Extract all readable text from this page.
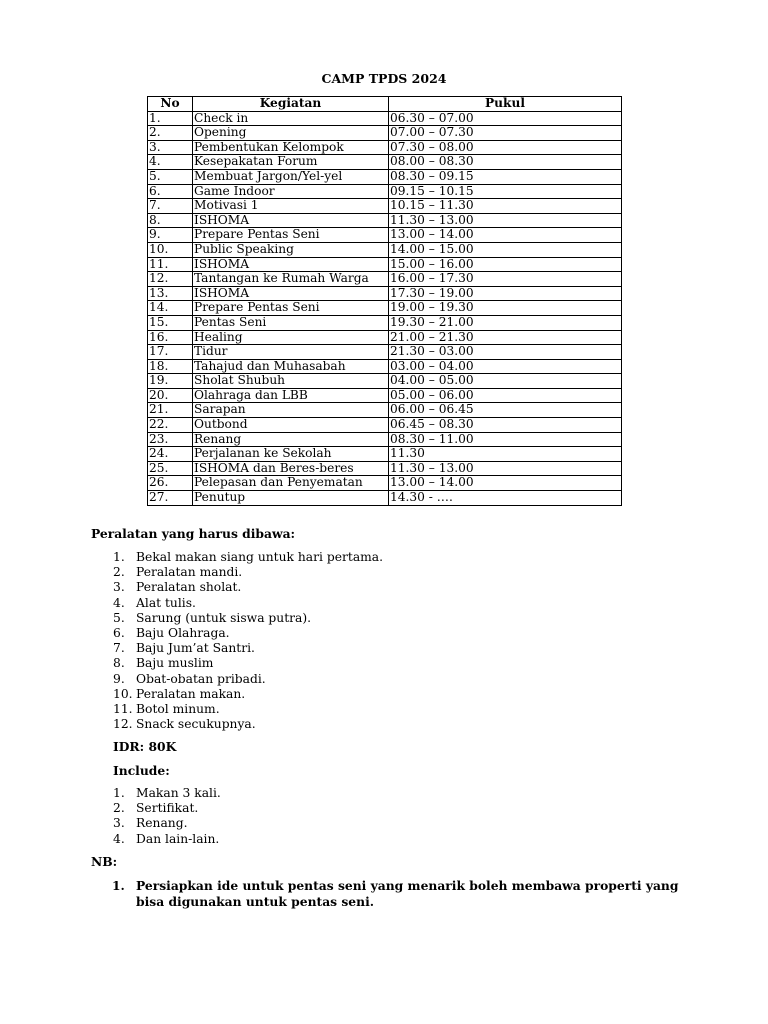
CAMP TPDS 2024
No	Kegiatan	Pukul
1.	Check in	06.30 – 07.00
2.	Opening	07.00 – 07.30
3.	Pembentukan Kelompok	07.30 – 08.00
4.	Kesepakatan Forum	08.00 – 08.30
5.	Membuat Jargon/Yel-yel	08.30 – 09.15
6.	Game Indoor	09.15 – 10.15
7.	Motivasi 1	10.15 – 11.30
8.	ISHOMA	11.30 – 13.00
9.	Prepare Pentas Seni	13.00 – 14.00
10.	Public Speaking	14.00 – 15.00
11.	ISHOMA	15.00 – 16.00
12.	Tantangan ke Rumah Warga	16.00 – 17.30
13.	ISHOMA	17.30 – 19.00
14.	Prepare Pentas Seni	19.00 – 19.30
15.	Pentas Seni	19.30 – 21.00
16.	Healing	21.00 – 21.30
17.	Tidur	21.30 – 03.00
18.	Tahajud dan Muhasabah	03.00 – 04.00
19.	Sholat Shubuh	04.00 – 05.00
20.	Olahraga dan LBB	05.00 – 06.00
21.	Sarapan	06.00 – 06.45
22.	Outbond	06.45 – 08.30
23.	Renang	08.30 – 11.00
24.	Perjalanan ke Sekolah	11.30
25.	ISHOMA dan Beres-beres	11.30 – 13.00
26.	Pelepasan dan Penyematan	13.00 – 14.00
27.	Penutup	14.30 - ….

Peralatan yang harus dibawa:

1. Bekal makan siang untuk hari pertama.
2. Peralatan mandi.
3. Peralatan sholat.
4. Alat tulis.
5. Sarung (untuk siswa putra).
6. Baju Olahraga.
7. Baju Jum’at Santri.
8. Baju muslim
9. Obat-obatan pribadi.
10. Peralatan makan.
11. Botol minum.
12. Snack secukupnya.

IDR: 80K

Include:

1. Makan 3 kali.
2. Sertifikat.
3. Renang.
4. Dan lain-lain.

NB:

1. Persiapkan ide untuk pentas seni yang menarik boleh membawa properti yang bisa digunakan untuk pentas seni.
